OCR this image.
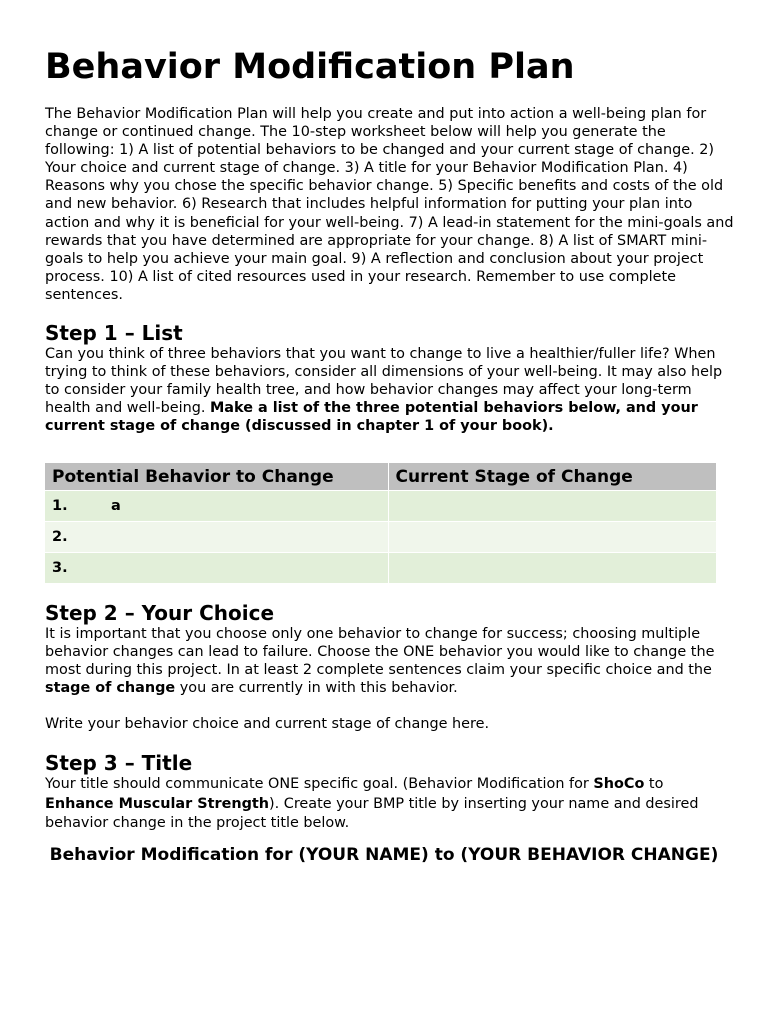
Behavior Modification Plan

The Behavior Modification Plan will help you create and put into action a well-being plan for change or continued change. The 10-step worksheet below will help you generate the following: 1) A list of potential behaviors to be changed and your current stage of change. 2) Your choice and current stage of change. 3) A title for your Behavior Modification Plan. 4) Reasons why you chose the specific behavior change. 5) Specific benefits and costs of the old and new behavior. 6) Research that includes helpful information for putting your plan into action and why it is beneficial for your well-being. 7) A lead-in statement for the mini-goals and rewards that you have determined are appropriate for your change. 8) A list of SMART mini-goals to help you achieve your main goal. 9) A reflection and conclusion about your project process. 10) A list of cited resources used in your research. Remember to use complete sentences.

Step 1 – List

Can you think of three behaviors that you want to change to live a healthier/fuller life? When trying to think of these behaviors, consider all dimensions of your well-being. It may also help to consider your family health tree, and how behavior changes may affect your long-term health and well-being. Make a list of the three potential behaviors below, and your current stage of change (discussed in chapter 1 of your book).

Potential Behavior to Change	Current Stage of Change
1. a	
2.	
3.	
Step 2 – Your Choice

It is important that you choose only one behavior to change for success; choosing multiple behavior changes can lead to failure. Choose the ONE behavior you would like to change the most during this project. In at least 2 complete sentences claim your specific choice and the stage of change you are currently in with this behavior.

Write your behavior choice and current stage of change here.

Step 3 – Title

Your title should communicate ONE specific goal. (Behavior Modification for ShoCo to Enhance Muscular Strength). Create your BMP title by inserting your name and desired behavior change in the project title below.

Behavior Modification for (YOUR NAME) to (YOUR BEHAVIOR CHANGE)
